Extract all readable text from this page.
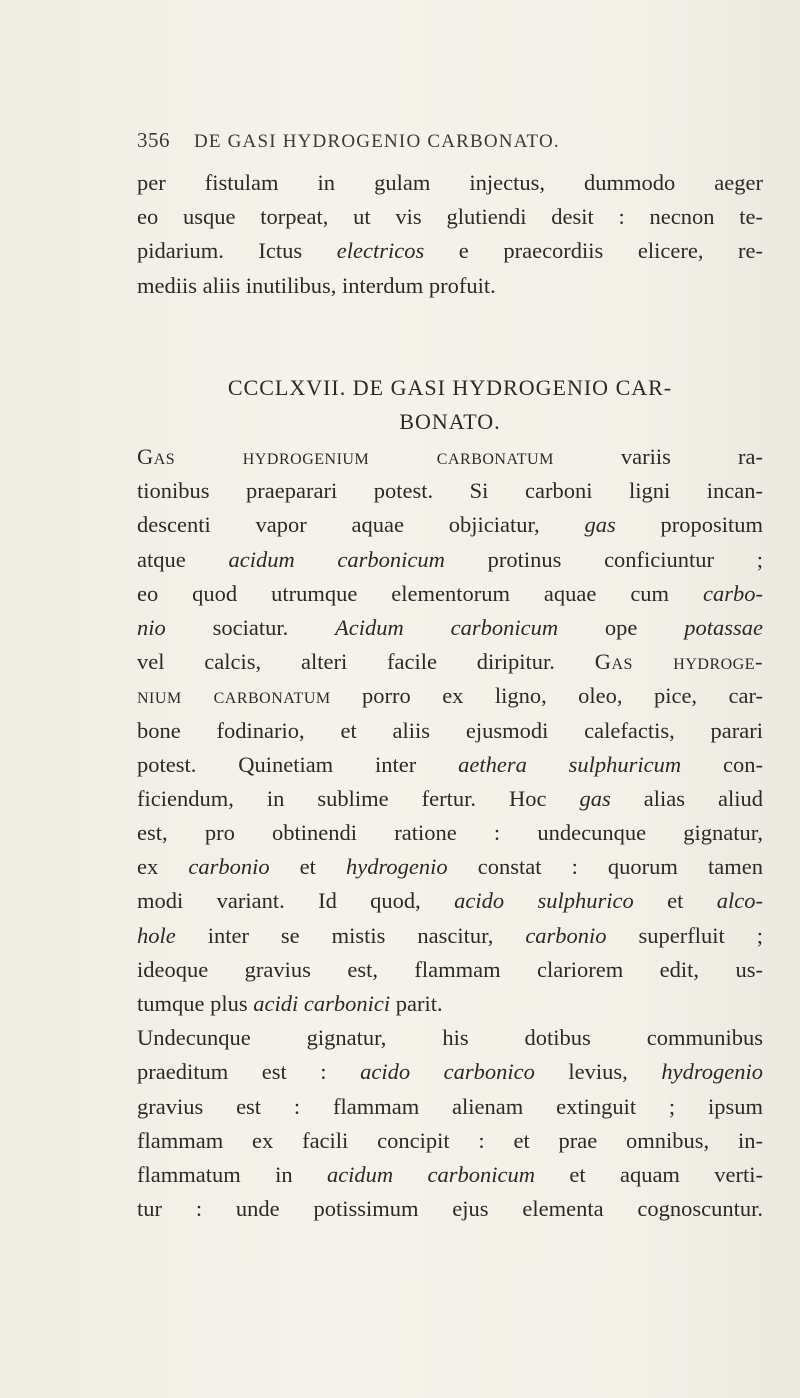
356 DE GASI HYDROGENIO CARBONATO.
per fistulam in gulam injectus, dummodo aeger
eo usque torpeat, ut vis glutiendi desit : necnon te-
pidarium. Ictus electricos e praecordiis elicere, re-
mediis aliis inutilibus, interdum profuit.
CCCLXVII. DE GASI HYDROGENIO CAR-
BONATO.
Gas hydrogenium carbonatum variis ra-
tionibus praeparari potest. Si carboni ligni incan-
descenti vapor aquae objiciatur, gas propositum
atque acidum carbonicum protinus conficiuntur ;
eo quod utrumque elementorum aquae cum carbo-
nio sociatur. Acidum carbonicum ope potassae
vel calcis, alteri facile diripitur. Gas hydroge-
nium carbonatum porro ex ligno, oleo, pice, car-
bone fodinario, et aliis ejusmodi calefactis, parari
potest. Quinetiam inter aethera sulphuricum con-
ficiendum, in sublime fertur. Hoc gas alias aliud
est, pro obtinendi ratione : undecunque gignatur,
ex carbonio et hydrogenio constat : quorum tamen
modi variant. Id quod, acido sulphurico et alco-
hole inter se mistis nascitur, carbonio superfluit ;
ideoque gravius est, flammam clariorem edit, us-
tumque plus acidi carbonici parit.
Undecunque gignatur, his dotibus communibus
praeditum est : acido carbonico levius, hydrogenio
gravius est : flammam alienam extinguit ; ipsum
flammam ex facili concipit : et prae omnibus, in-
flammatum in acidum carbonicum et aquam verti-
tur : unde potissimum ejus elementa cognoscuntur.
